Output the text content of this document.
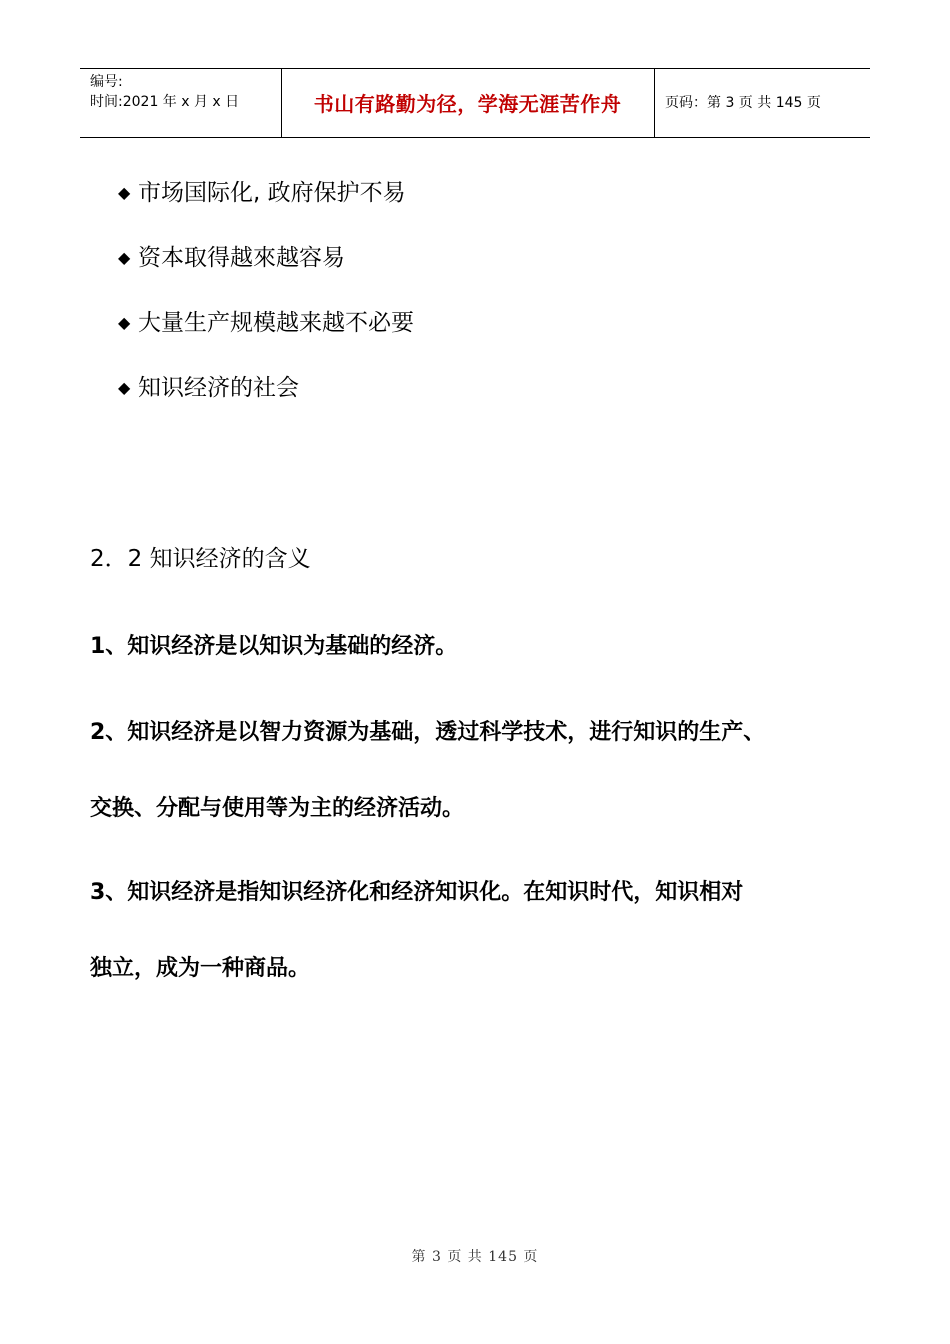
编号:
时间:2021 年 x 月 x 日	书山有路勤为径，学海无涯苦作舟	页码：第 3 页 共 145 页
◆ 市场国际化, 政府保护不易
◆ 资本取得越來越容易
◆ 大量生产规模越来越不必要
◆ 知识经济的社会
2．2 知识经济的含义
1、知识经济是以知识为基础的经济。
2、知识经济是以智力资源为基础，透过科学技术，进行知识的生产、
交换、分配与使用等为主的经济活动。
3、知识经济是指知识经济化和经济知识化。在知识时代，知识相对
独立，成为一种商品。
第 3 页 共 145 页
